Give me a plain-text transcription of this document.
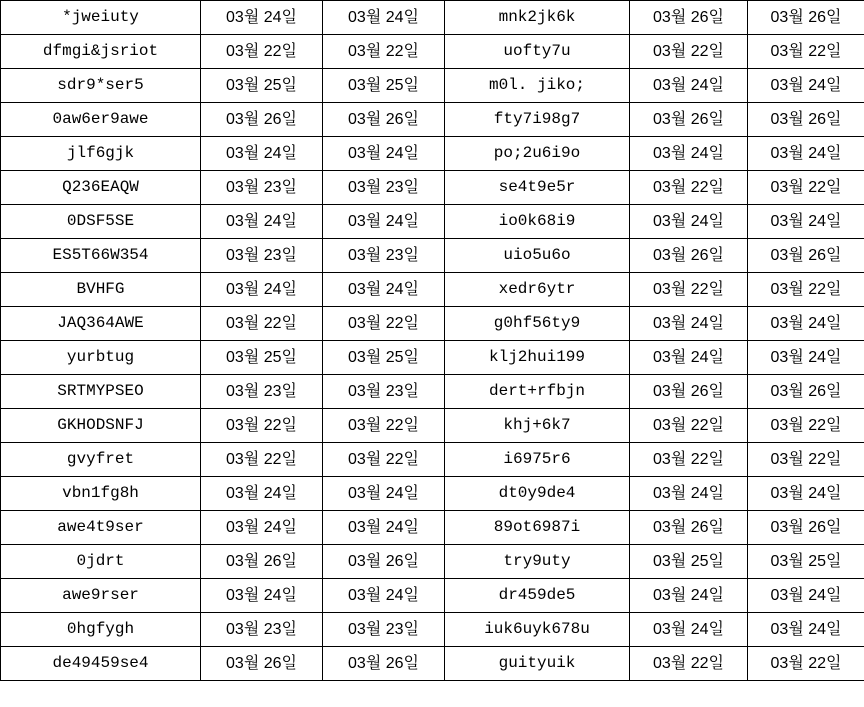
*jweiuty	03월 24일	03월 24일	mnk2jk6k	03월 26일	03월 26일
dfmgi&jsriot	03월 22일	03월 22일	uofty7u	03월 22일	03월 22일
sdr9*ser5	03월 25일	03월 25일	m0l. jiko;	03월 24일	03월 24일
0aw6er9awe	03월 26일	03월 26일	fty7i98g7	03월 26일	03월 26일
jlf6gjk	03월 24일	03월 24일	po;2u6i9o	03월 24일	03월 24일
Q236EAQW	03월 23일	03월 23일	se4t9e5r	03월 22일	03월 22일
0DSF5SE	03월 24일	03월 24일	io0k68i9	03월 24일	03월 24일
ES5T66W354	03월 23일	03월 23일	uio5u6o	03월 26일	03월 26일
BVHFG	03월 24일	03월 24일	xedr6ytr	03월 22일	03월 22일
JAQ364AWE	03월 22일	03월 22일	g0hf56ty9	03월 24일	03월 24일
yurbtug	03월 25일	03월 25일	klj2hui199	03월 24일	03월 24일
SRTMYPSEO	03월 23일	03월 23일	dert+rfbjn	03월 26일	03월 26일
GKHODSNFJ	03월 22일	03월 22일	khj+6k7	03월 22일	03월 22일
gvyfret	03월 22일	03월 22일	i6975r6	03월 22일	03월 22일
vbn1fg8h	03월 24일	03월 24일	dt0y9de4	03월 24일	03월 24일
awe4t9ser	03월 24일	03월 24일	89ot6987i	03월 26일	03월 26일
0jdrt	03월 26일	03월 26일	try9uty	03월 25일	03월 25일
awe9rser	03월 24일	03월 24일	dr459de5	03월 24일	03월 24일
0hgfygh	03월 23일	03월 23일	iuk6uyk678u	03월 24일	03월 24일
de49459se4	03월 26일	03월 26일	guityuik	03월 22일	03월 22일
